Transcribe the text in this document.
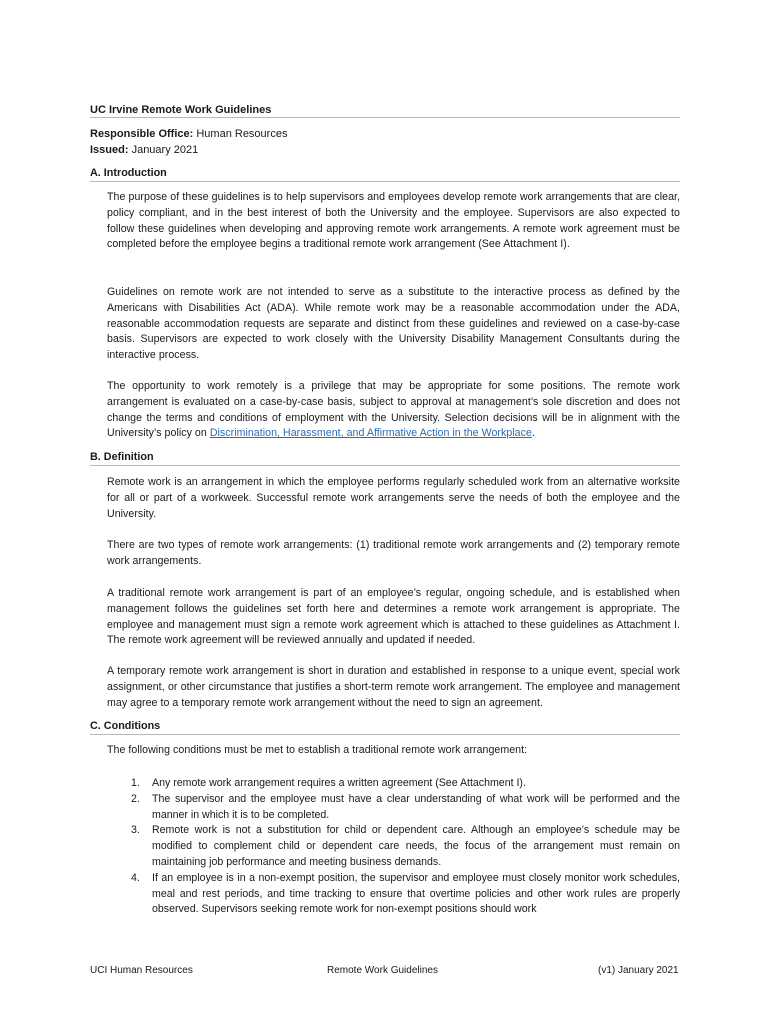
UC Irvine Remote Work Guidelines
Responsible Office: Human Resources
Issued: January 2021
A. Introduction
The purpose of these guidelines is to help supervisors and employees develop remote work arrangements that are clear, policy compliant, and in the best interest of both the University and the employee. Supervisors are also expected to follow these guidelines when developing and approving remote work arrangements. A remote work agreement must be completed before the employee begins a traditional remote work arrangement (See Attachment I).
Guidelines on remote work are not intended to serve as a substitute to the interactive process as defined by the Americans with Disabilities Act (ADA). While remote work may be a reasonable accommodation under the ADA, reasonable accommodation requests are separate and distinct from these guidelines and reviewed on a case-by-case basis. Supervisors are expected to work closely with the University Disability Management Consultants during the interactive process.
The opportunity to work remotely is a privilege that may be appropriate for some positions. The remote work arrangement is evaluated on a case-by-case basis, subject to approval at management’s sole discretion and does not change the terms and conditions of employment with the University. Selection decisions will be in alignment with the University’s policy on Discrimination, Harassment, and Affirmative Action in the Workplace.
B. Definition
Remote work is an arrangement in which the employee performs regularly scheduled work from an alternative worksite for all or part of a workweek. Successful remote work arrangements serve the needs of both the employee and the University.
There are two types of remote work arrangements: (1) traditional remote work arrangements and (2) temporary remote work arrangements.
A traditional remote work arrangement is part of an employee’s regular, ongoing schedule, and is established when management follows the guidelines set forth here and determines a remote work arrangement is appropriate. The employee and management must sign a remote work agreement which is attached to these guidelines as Attachment I. The remote work agreement will be reviewed annually and updated if needed.
A temporary remote work arrangement is short in duration and established in response to a unique event, special work assignment, or other circumstance that justifies a short-term remote work arrangement. The employee and management may agree to a temporary remote work arrangement without the need to sign an agreement.
C. Conditions
The following conditions must be met to establish a traditional remote work arrangement:
1. Any remote work arrangement requires a written agreement (See Attachment I).
2. The supervisor and the employee must have a clear understanding of what work will be performed and the manner in which it is to be completed.
3. Remote work is not a substitution for child or dependent care. Although an employee’s schedule may be modified to complement child or dependent care needs, the focus of the arrangement must remain on maintaining job performance and meeting business demands.
4. If an employee is in a non-exempt position, the supervisor and employee must closely monitor work schedules, meal and rest periods, and time tracking to ensure that overtime policies and other work rules are properly observed. Supervisors seeking remote work for non-exempt positions should work
UCI Human Resources	Remote Work Guidelines	(v1) January 2021
